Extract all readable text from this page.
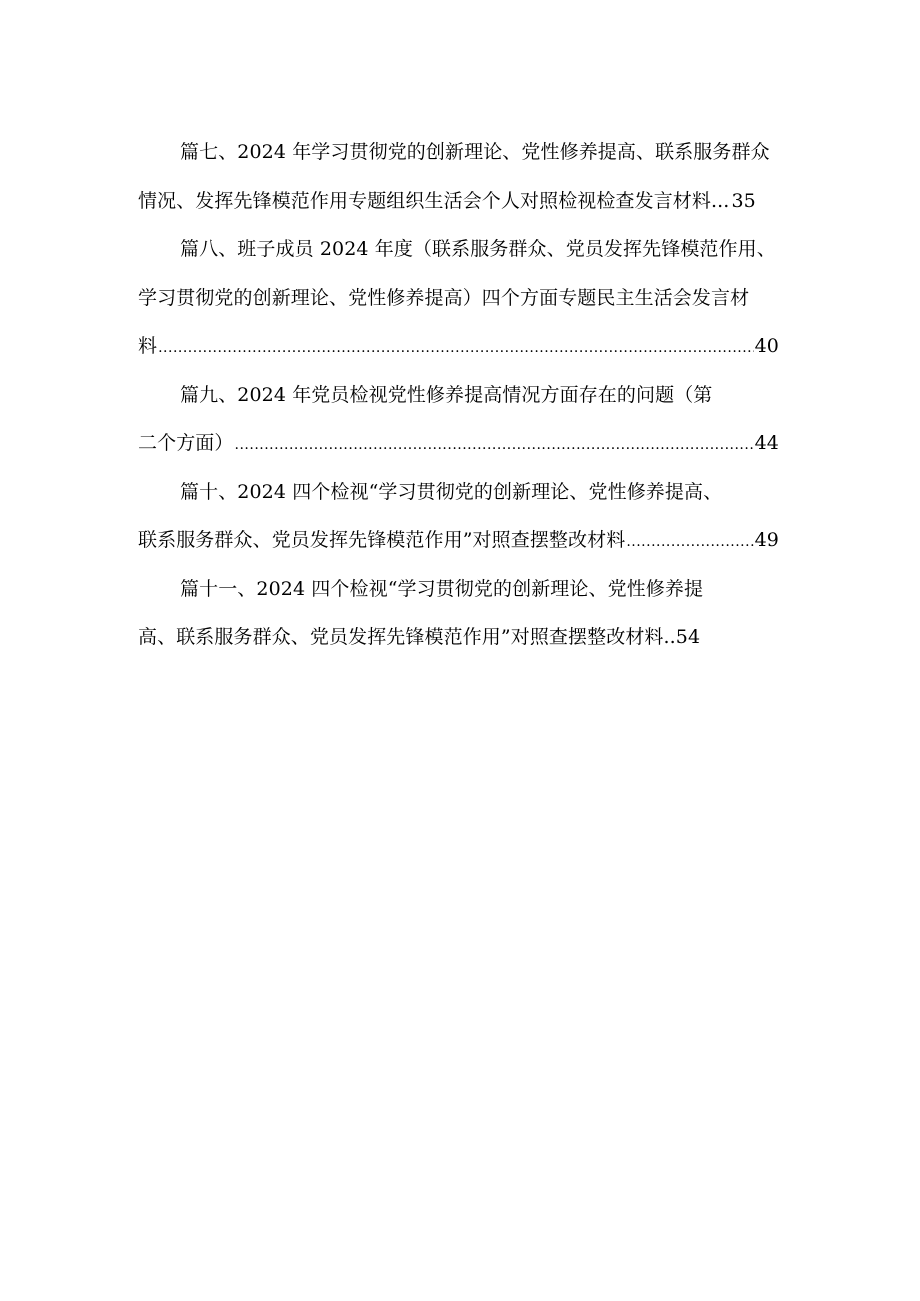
篇七、2024 年学习贯彻党的创新理论、党性修养提高、联系服务群众
情况、发挥先锋模范作用专题组织生活会个人对照检视检查发言材料... 35
篇八、班子成员 2024 年度（联系服务群众、党员发挥先锋模范作用、
学习贯彻党的创新理论、党性修养提高）四个方面专题民主生活会发言材
料 .....	40
篇九、2024 年党员检视党性修养提高情况方面存在的问题（第
二个方面） .....	44
篇十、2024 四个检视“学习贯彻党的创新理论、党性修养提高、
联系服务群众、党员发挥先锋模范作用”对照查摆整改材料 .....	49
篇十一、2024 四个检视“学习贯彻党的创新理论、党性修养提
高、联系服务群众、党员发挥先锋模范作用”对照查摆整改材料..54
